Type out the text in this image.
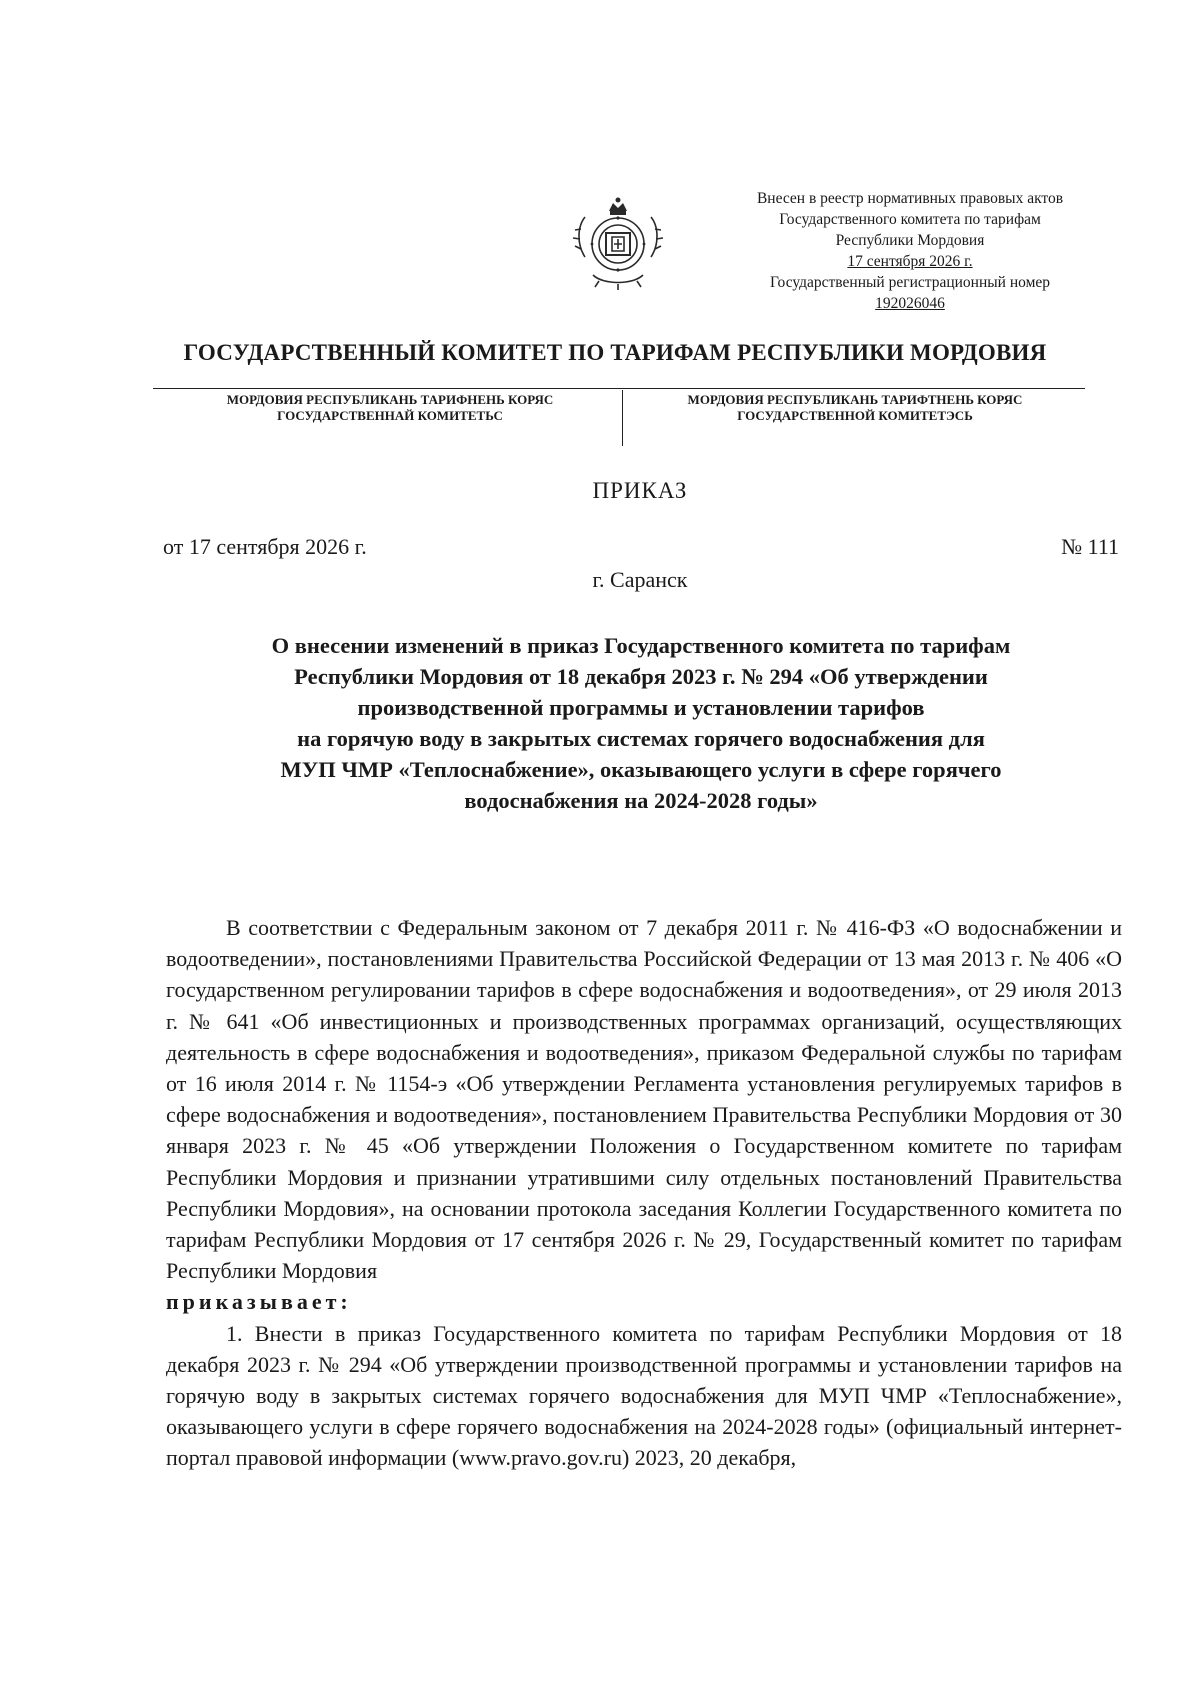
Внесен в реестр нормативных правовых актов
Государственного комитета по тарифам
Республики Мордовия
17 сентября 2026 г.
Государственный регистрационный номер
192026046
ГОСУДАРСТВЕННЫЙ КОМИТЕТ ПО ТАРИФАМ РЕСПУБЛИКИ МОРДОВИЯ
МОРДОВИЯ РЕСПУБЛИКАНЬ ТАРИФНЕНЬ КОРЯС
ГОСУДАРСТВЕННАЙ КОМИТЕТЬС
МОРДОВИЯ РЕСПУБЛИКАНЬ ТАРИФТНЕНЬ КОРЯС
ГОСУДАРСТВЕННОЙ КОМИТЕТЭСЬ
ПРИКАЗ
от 17 сентября 2026 г.	№ 111
г. Саранск
О внесении изменений в приказ Государственного комитета по тарифам
Республики Мордовия от 18 декабря 2023 г. № 294 «Об утверждении
производственной программы и установлении тарифов
на горячую воду в закрытых системах горячего водоснабжения для
МУП ЧМР «Теплоснабжение», оказывающего услуги в сфере горячего
водоснабжения на 2024-2028 годы»

В соответствии с Федеральным законом от 7 декабря 2011 г. № 416-ФЗ «О водоснабжении и водоотведении», постановлениями Правительства Российской Федерации от 13 мая 2013 г. № 406 «О государственном регулировании тарифов в сфере водоснабжения и водоотведения», от 29 июля 2013 г. № 641 «Об инвестиционных и производственных программах организаций, осуществляющих деятельность в сфере водоснабжения и водоотведения», приказом Федеральной службы по тарифам от 16 июля 2014 г. № 1154-э «Об утверждении Регламента установления регулируемых тарифов в сфере водоснабжения и водоотведения», постановлением Правительства Республики Мордовия от 30 января 2023 г. № 45 «Об утверждении Положения о Государственном комитете по тарифам Республики Мордовия и признании утратившими силу отдельных постановлений Правительства Республики Мордовия», на основании протокола заседания Коллегии Государственного комитета по тарифам Республики Мордовия от 17 сентября 2026 г. № 29, Государственный комитет по тарифам Республики Мордовия

приказывает:

1. Внести в приказ Государственного комитета по тарифам Республики Мордовия от 18 декабря 2023 г. № 294 «Об утверждении производственной программы и установлении тарифов на горячую воду в закрытых системах горячего водоснабжения для МУП ЧМР «Теплоснабжение», оказывающего услуги в сфере горячего водоснабжения на 2024-2028 годы» (официальный интернет-портал правовой информации (www.pravo.gov.ru) 2023, 20 декабря,
